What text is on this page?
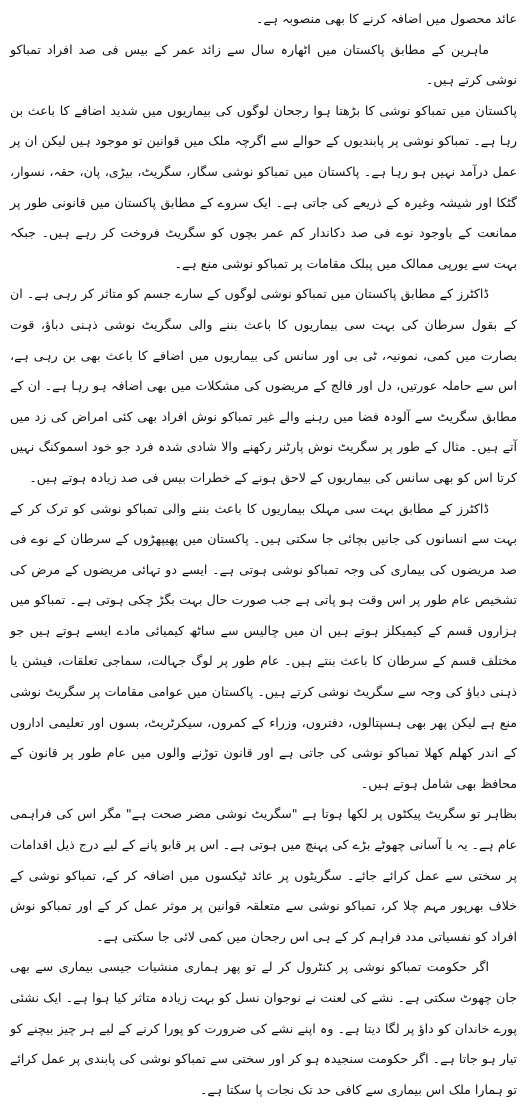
عائد محصول میں اضافہ کرنے کا بھی منصوبہ ہے۔

ماہرین کے مطابق پاکستان میں اٹھارہ سال سے زائد عمر کے بیس فی صد افراد تمباکو نوشی کرتے ہیں۔

پاکستان میں تمباکو نوشی کا بڑھتا ہوا رجحان لوگوں کی بیماریوں میں شدید اضافے کا باعث بن رہا ہے۔ تمباکو نوشی پر پابندیوں کے حوالے سے اگرچہ ملک میں قوانین تو موجود ہیں لیکن ان پر عمل درآمد نہیں ہو رہا ہے۔ پاکستان میں تمباکو نوشی سگار، سگریٹ، بیڑی، پان، حقہ، نسوار، گٹکا اور شیشہ وغیرہ کے ذریعے کی جاتی ہے۔ ایک سروے کے مطابق پاکستان میں قانونی طور پر ممانعت کے باوجود نوے فی صد دکاندار کم عمر بچوں کو سگریٹ فروخت کر رہے ہیں۔ جبکہ بہت سے یورپی ممالک میں پبلک مقامات پر تمباکو نوشی منع ہے۔

ڈاکٹرز کے مطابق پاکستان میں تمباکو نوشی لوگوں کے سارے جسم کو متاثر کر رہی ہے۔ ان کے بقول سرطان کی بہت سی بیماریوں کا باعث بننے والی سگریٹ نوشی ذہنی دباؤ، قوت بصارت میں کمی، نمونیہ، ٹی بی اور سانس کی بیماریوں میں اضافے کا باعث بھی بن رہی ہے، اس سے حاملہ عورتیں، دل اور فالج کے مریضوں کی مشکلات میں بھی اضافہ ہو رہا ہے۔ ان کے مطابق سگریٹ سے آلودہ فضا میں رہنے والے غیر تمباکو نوش افراد بھی کئی امراض کی زد میں آتے ہیں۔ مثال کے طور پر سگریٹ نوش پارٹنر رکھنے والا شادی شدہ فرد جو خود اسموکنگ نہیں کرتا اس کو بھی سانس کی بیماریوں کے لاحق ہونے کے خطرات بیس فی صد زیادہ ہوتے ہیں۔

ڈاکٹرز کے مطابق بہت سی مہلک بیماریوں کا باعث بننے والی تمباکو نوشی کو ترک کر کے بہت سے انسانوں کی جانیں بچائی جا سکتی ہیں۔ پاکستان میں پھیپھڑوں کے سرطان کے نوے فی صد مریضوں کی بیماری کی وجہ تمباکو نوشی ہوتی ہے۔ ایسے دو تہائی مریضوں کے مرض کی تشخیص عام طور پر اس وقت ہو پاتی ہے جب صورت حال بہت بگڑ چکی ہوتی ہے۔ تمباکو میں ہزاروں قسم کے کیمیکلز ہوتے ہیں ان میں چالیس سے ساٹھ کیمیائی مادے ایسے ہوتے ہیں جو مختلف قسم کے سرطان کا باعث بنتے ہیں۔ عام طور پر لوگ جہالت، سماجی تعلقات، فیشن یا ذہنی دباؤ کی وجہ سے سگریٹ نوشی کرتے ہیں۔ پاکستان میں عوامی مقامات پر سگریٹ نوشی منع ہے لیکن پھر بھی ہسپتالوں، دفتروں، وزراء کے کمروں، سیکرٹریٹ، بسوں اور تعلیمی اداروں کے اندر کھلم کھلا تمباکو نوشی کی جاتی ہے اور قانون توڑنے والوں میں عام طور پر قانون کے محافظ بھی شامل ہوتے ہیں۔

بظاہر تو سگریٹ پیکٹوں پر لکھا ہوتا ہے "سگریٹ نوشی مضر صحت ہے" مگر اس کی فراہمی عام ہے۔ یہ با آسانی چھوٹے بڑے کی پہنچ میں ہوتی ہے۔ اس پر قابو پانے کے لیے درج ذیل اقدامات پر سختی سے عمل کرائے جائے۔ سگریٹوں پر عائد ٹیکسوں میں اضافہ کر کے، تمباکو نوشی کے خلاف بھرپور مہم چلا کر، تمباکو نوشی سے متعلقہ قوانین پر موثر عمل کر کے اور تمباکو نوش افراد کو نفسیاتی مدد فراہم کر کے ہی اس رجحان میں کمی لائی جا سکتی ہے۔

اگر حکومت تمباکو نوشی پر کنٹرول کر لے تو پھر ہماری منشیات جیسی بیماری سے بھی جان چھوٹ سکتی ہے۔ نشے کی لعنت نے نوجوان نسل کو بہت زیادہ متاثر کیا ہوا ہے۔ ایک نشئی پورے خاندان کو داؤ پر لگا دیتا ہے۔ وہ اپنے نشے کی ضرورت کو پورا کرنے کے لیے ہر چیز بیچنے کو تیار ہو جاتا ہے۔ اگر حکومت سنجیدہ ہو کر اور سختی سے تمباکو نوشی کی پابندی پر عمل کرائے تو ہمارا ملک اس بیماری سے کافی حد تک نجات پا سکتا ہے۔
